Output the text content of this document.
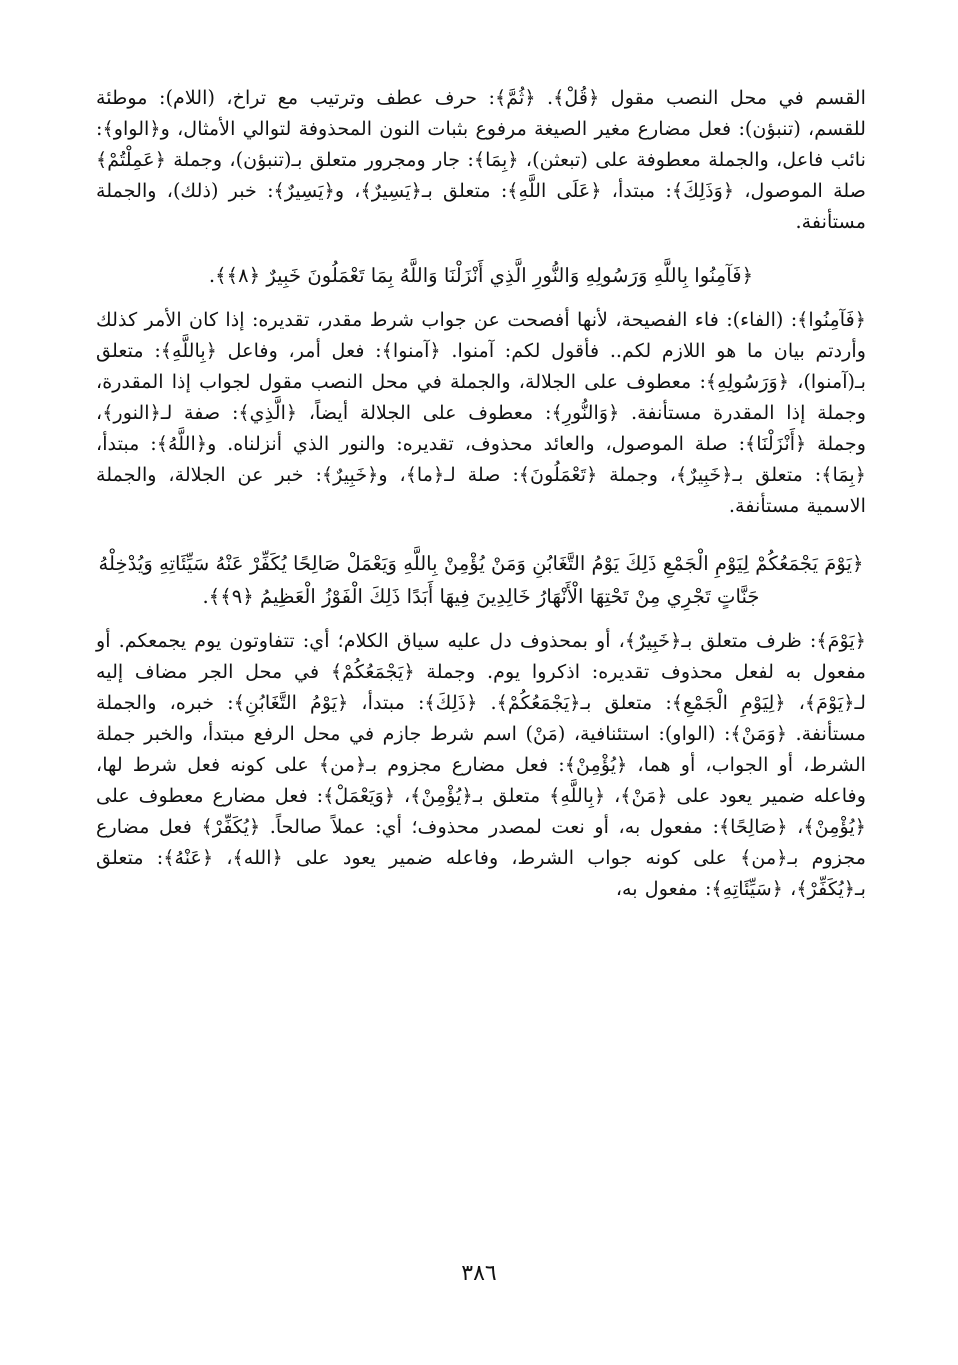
القسم في محل النصب مقول ﴿قُلْ﴾. ﴿ثُمَّ﴾: حرف عطف وترتيب مع تراخ، (اللام): موطئة للقسم، (تنبؤن): فعل مضارع مغير الصيغة مرفوع بثبات النون المحذوفة لتوالي الأمثال، و﴿الواو﴾: نائب فاعل، والجملة معطوفة على (تبعثن)، ﴿بِمَا﴾: جار ومجرور متعلق بـ(تنبؤن)، وجملة ﴿عَمِلْتُمْ﴾ صلة الموصول، ﴿وَذَلِكَ﴾: مبتدأ، ﴿عَلَى اللَّهِ﴾: متعلق بـ﴿يَسِيرٌ﴾، و﴿يَسِيرٌ﴾: خبر (ذلك)، والجملة مستأنفة.

﴿فَآمِنُوا بِاللَّهِ وَرَسُولِهِ وَالنُّورِ الَّذِي أَنْزَلْنَا وَاللَّهُ بِمَا تَعْمَلُونَ خَبِيرٌ ﴿٨﴾﴾.

﴿فَآمِنُوا﴾: (الفاء): فاء الفصيحة، لأنها أفصحت عن جواب شرط مقدر، تقديره: إذا كان الأمر كذلك وأردتم بيان ما هو اللازم لكم.. فأقول لكم: آمنوا. ﴿آمنوا﴾: فعل أمر، وفاعل ﴿بِاللَّهِ﴾: متعلق بـ(آمنوا)، ﴿وَرَسُولِهِ﴾: معطوف على الجلالة، والجملة في محل النصب مقول لجواب إذا المقدرة، وجملة إذا المقدرة مستأنفة. ﴿وَالنُّورِ﴾: معطوف على الجلالة أيضاً، ﴿الَّذِي﴾: صفة لـ﴿النور﴾، وجملة ﴿أَنْزَلْنَا﴾: صلة الموصول، والعائد محذوف، تقديره: والنور الذي أنزلناه. و﴿اللَّهُ﴾: مبتدأ، ﴿بِمَا﴾: متعلق بـ﴿خَبِيرٌ﴾، وجملة ﴿تَعْمَلُونَ﴾: صلة لـ﴿ما﴾، و﴿خَبِيرٌ﴾: خبر عن الجلالة، والجملة الاسمية مستأنفة.

﴿يَوْمَ يَجْمَعُكُمْ لِيَوْمِ الْجَمْعِ ذَلِكَ يَوْمُ التَّغَابُنِ وَمَنْ يُؤْمِنْ بِاللَّهِ وَيَعْمَلْ صَالِحًا يُكَفِّرْ عَنْهُ سَيِّئَاتِهِ وَيُدْخِلْهُ جَنَّاتٍ تَجْرِي مِنْ تَحْتِهَا الْأَنْهَارُ خَالِدِينَ فِيهَا أَبَدًا ذَلِكَ الْفَوْزُ الْعَظِيمُ ﴿٩﴾﴾.

﴿يَوْمَ﴾: ظرف متعلق بـ﴿خَبِيرٌ﴾، أو بمحذوف دل عليه سياق الكلام؛ أي: تتفاوتون يوم يجمعكم. أو مفعول به لفعل محذوف تقديره: اذكروا يوم. وجملة ﴿يَجْمَعُكُمْ﴾ في محل الجر مضاف إليه لـ﴿يَوْمَ﴾، ﴿لِيَوْمِ الْجَمْعِ﴾: متعلق بـ﴿يَجْمَعُكُمْ﴾. ﴿ذَلِكَ﴾: مبتدأ، ﴿يَوْمُ التَّغَابُنِ﴾: خبره، والجملة مستأنفة. ﴿وَمَنْ﴾: (الواو): استئنافية، (مَنْ) اسم شرط جازم في محل الرفع مبتدأ، والخبر جملة الشرط، أو الجواب، أو هما، ﴿يُؤْمِنْ﴾: فعل مضارع مجزوم بـ﴿من﴾ على كونه فعل شرط لها، وفاعله ضمير يعود على ﴿مَنْ﴾، ﴿بِاللَّهِ﴾ متعلق بـ﴿يُؤْمِنْ﴾، ﴿وَيَعْمَلْ﴾: فعل مضارع معطوف على ﴿يُؤْمِنْ﴾، ﴿صَالِحًا﴾: مفعول به، أو نعت لمصدر محذوف؛ أي: عملاً صالحاً. ﴿يُكَفِّرْ﴾ فعل مضارع مجزوم بـ﴿من﴾ على كونه جواب الشرط، وفاعله ضمير يعود على ﴿الله﴾، ﴿عَنْهُ﴾: متعلق بـ﴿يُكَفِّرْ﴾، ﴿سَيِّئَاتِهِ﴾: مفعول به،

٣٨٦
